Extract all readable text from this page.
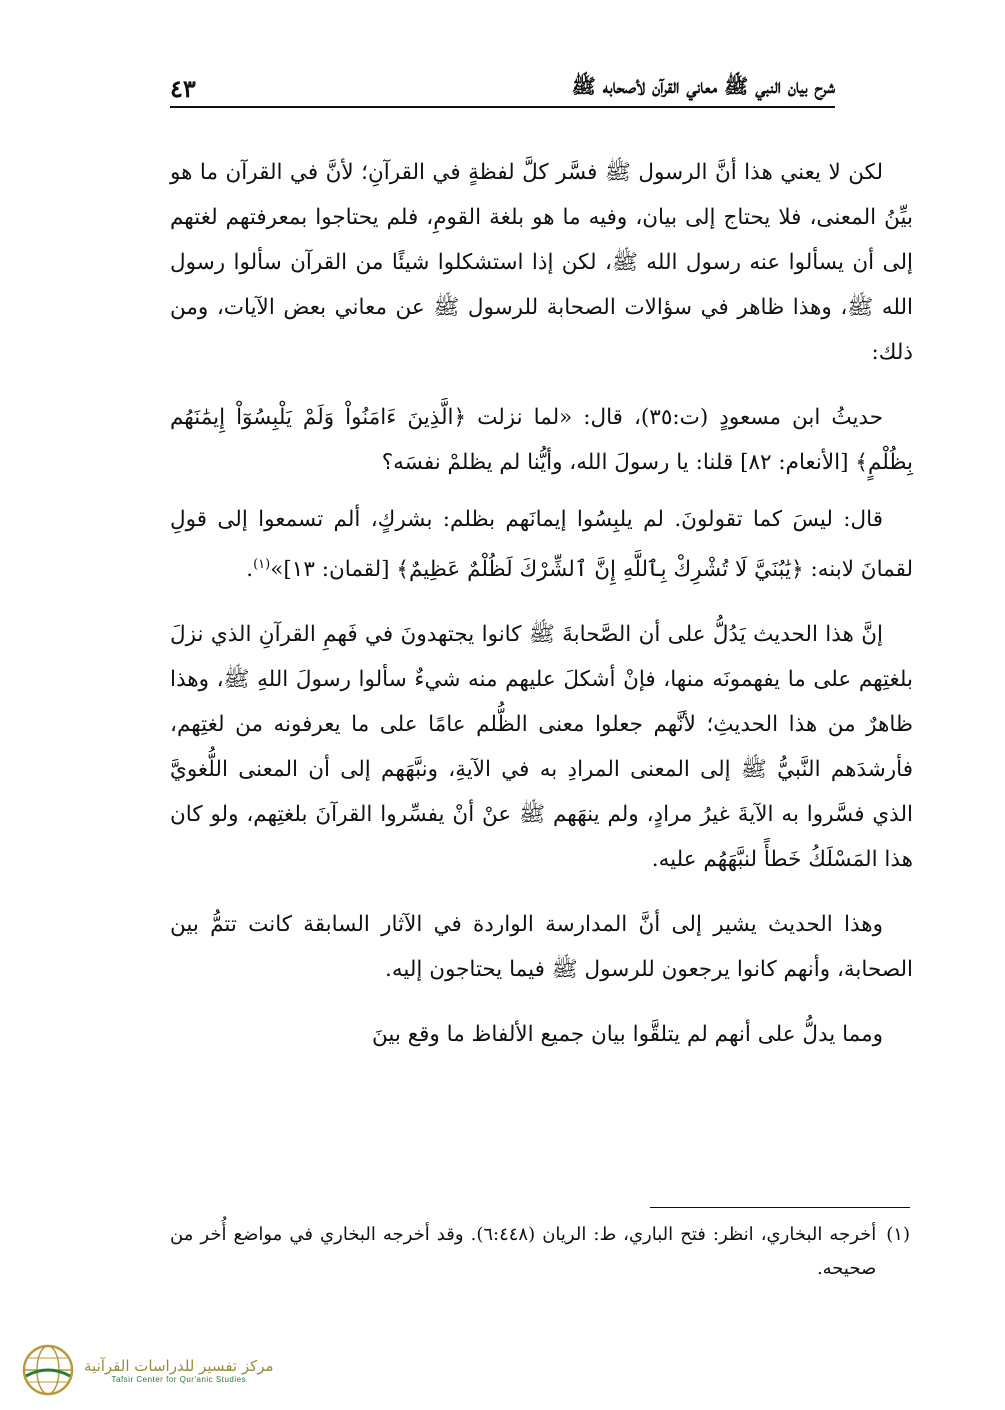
شرح بيان النبي ﷺ معاني القرآن لأصحابه ﷺ
٤٣

لكن لا يعني هذا أنَّ الرسول ﷺ فسَّر كلَّ لفظةٍ في القرآنِ؛ لأنَّ في القرآن ما هو بيِّنُ المعنى، فلا يحتاج إلى بيان، وفيه ما هو بلغة القومِ، فلم يحتاجوا بمعرفتهم لغتهم إلى أن يسألوا عنه رسول الله ﷺ، لكن إذا استشكلوا شيئًا من القرآن سألوا رسول الله ﷺ، وهذا ظاهر في سؤالات الصحابة للرسول ﷺ عن معاني بعض الآيات، ومن ذلك:

حديثُ ابن مسعودٍ (ت:٣٥)، قال: «لما نزلت ﴿الَّذِينَ ءَامَنُواْ وَلَمْ يَلْبِسُوٓاْ إِيمَٰنَهُم بِظُلْمٍ﴾ [الأنعام: ٨٢] قلنا: يا رسولَ الله، وأيُّنا لم يظلمْ نفسَه؟

قال: ليسَ كما تقولونَ. لم يلبِسُوا إيمانَهم بظلم: بشركٍ، ألم تسمعوا إلى قولِ لقمانَ لابنه: ﴿يَٰبُنَيَّ لَا تُشْرِكْ بِٱللَّهِ إِنَّ ٱلشِّرْكَ لَظُلْمٌ عَظِيمٌ﴾ [لقمان: ١٣]»$^{(١)}$.

إنَّ هذا الحديث يَدُلُّ على أن الصَّحابةَ ﷺ كانوا يجتهدونَ في فَهمِ القرآنِ الذي نزلَ بلغتِهم على ما يفهمونَه منها، فإنْ أشكلَ عليهم منه شيءٌ سألوا رسولَ اللهِ ﷺ، وهذا ظاهرٌ من هذا الحديثِ؛ لأنَّهم جعلوا معنى الظُّلم عامًا على ما يعرفونه من لغتِهم، فأرشدَهم النَّبيُّ ﷺ إلى المعنى المرادِ به في الآيةِ، ونبَّهَهم إلى أن المعنى اللُّغويَّ الذي فسَّروا به الآيةَ غيرُ مرادٍ، ولم ينهَهم ﷺ عنْ أنْ يفسِّروا القرآنَ بلغتِهم، ولو كان هذا المَسْلَكُ خَطأً لنبَّهَهُم عليه.

وهذا الحديث يشير إلى أنَّ المدارسة الواردة في الآثار السابقة كانت تتمُّ بين الصحابة، وأنهم كانوا يرجعون للرسول ﷺ فيما يحتاجون إليه.

ومما يدلُّ على أنهم لم يتلقَّوا بيان جميع الألفاظ ما وقع بينَ

(١)
أخرجه البخاري، انظر: فتح الباري، ط: الريان (٦:٤٤٨). وقد أخرجه البخاري في مواضع أُخر من صحيحه.
مركز تفسير للدراسات القرآنية
Tafsir Center for Qur'anic Studies
